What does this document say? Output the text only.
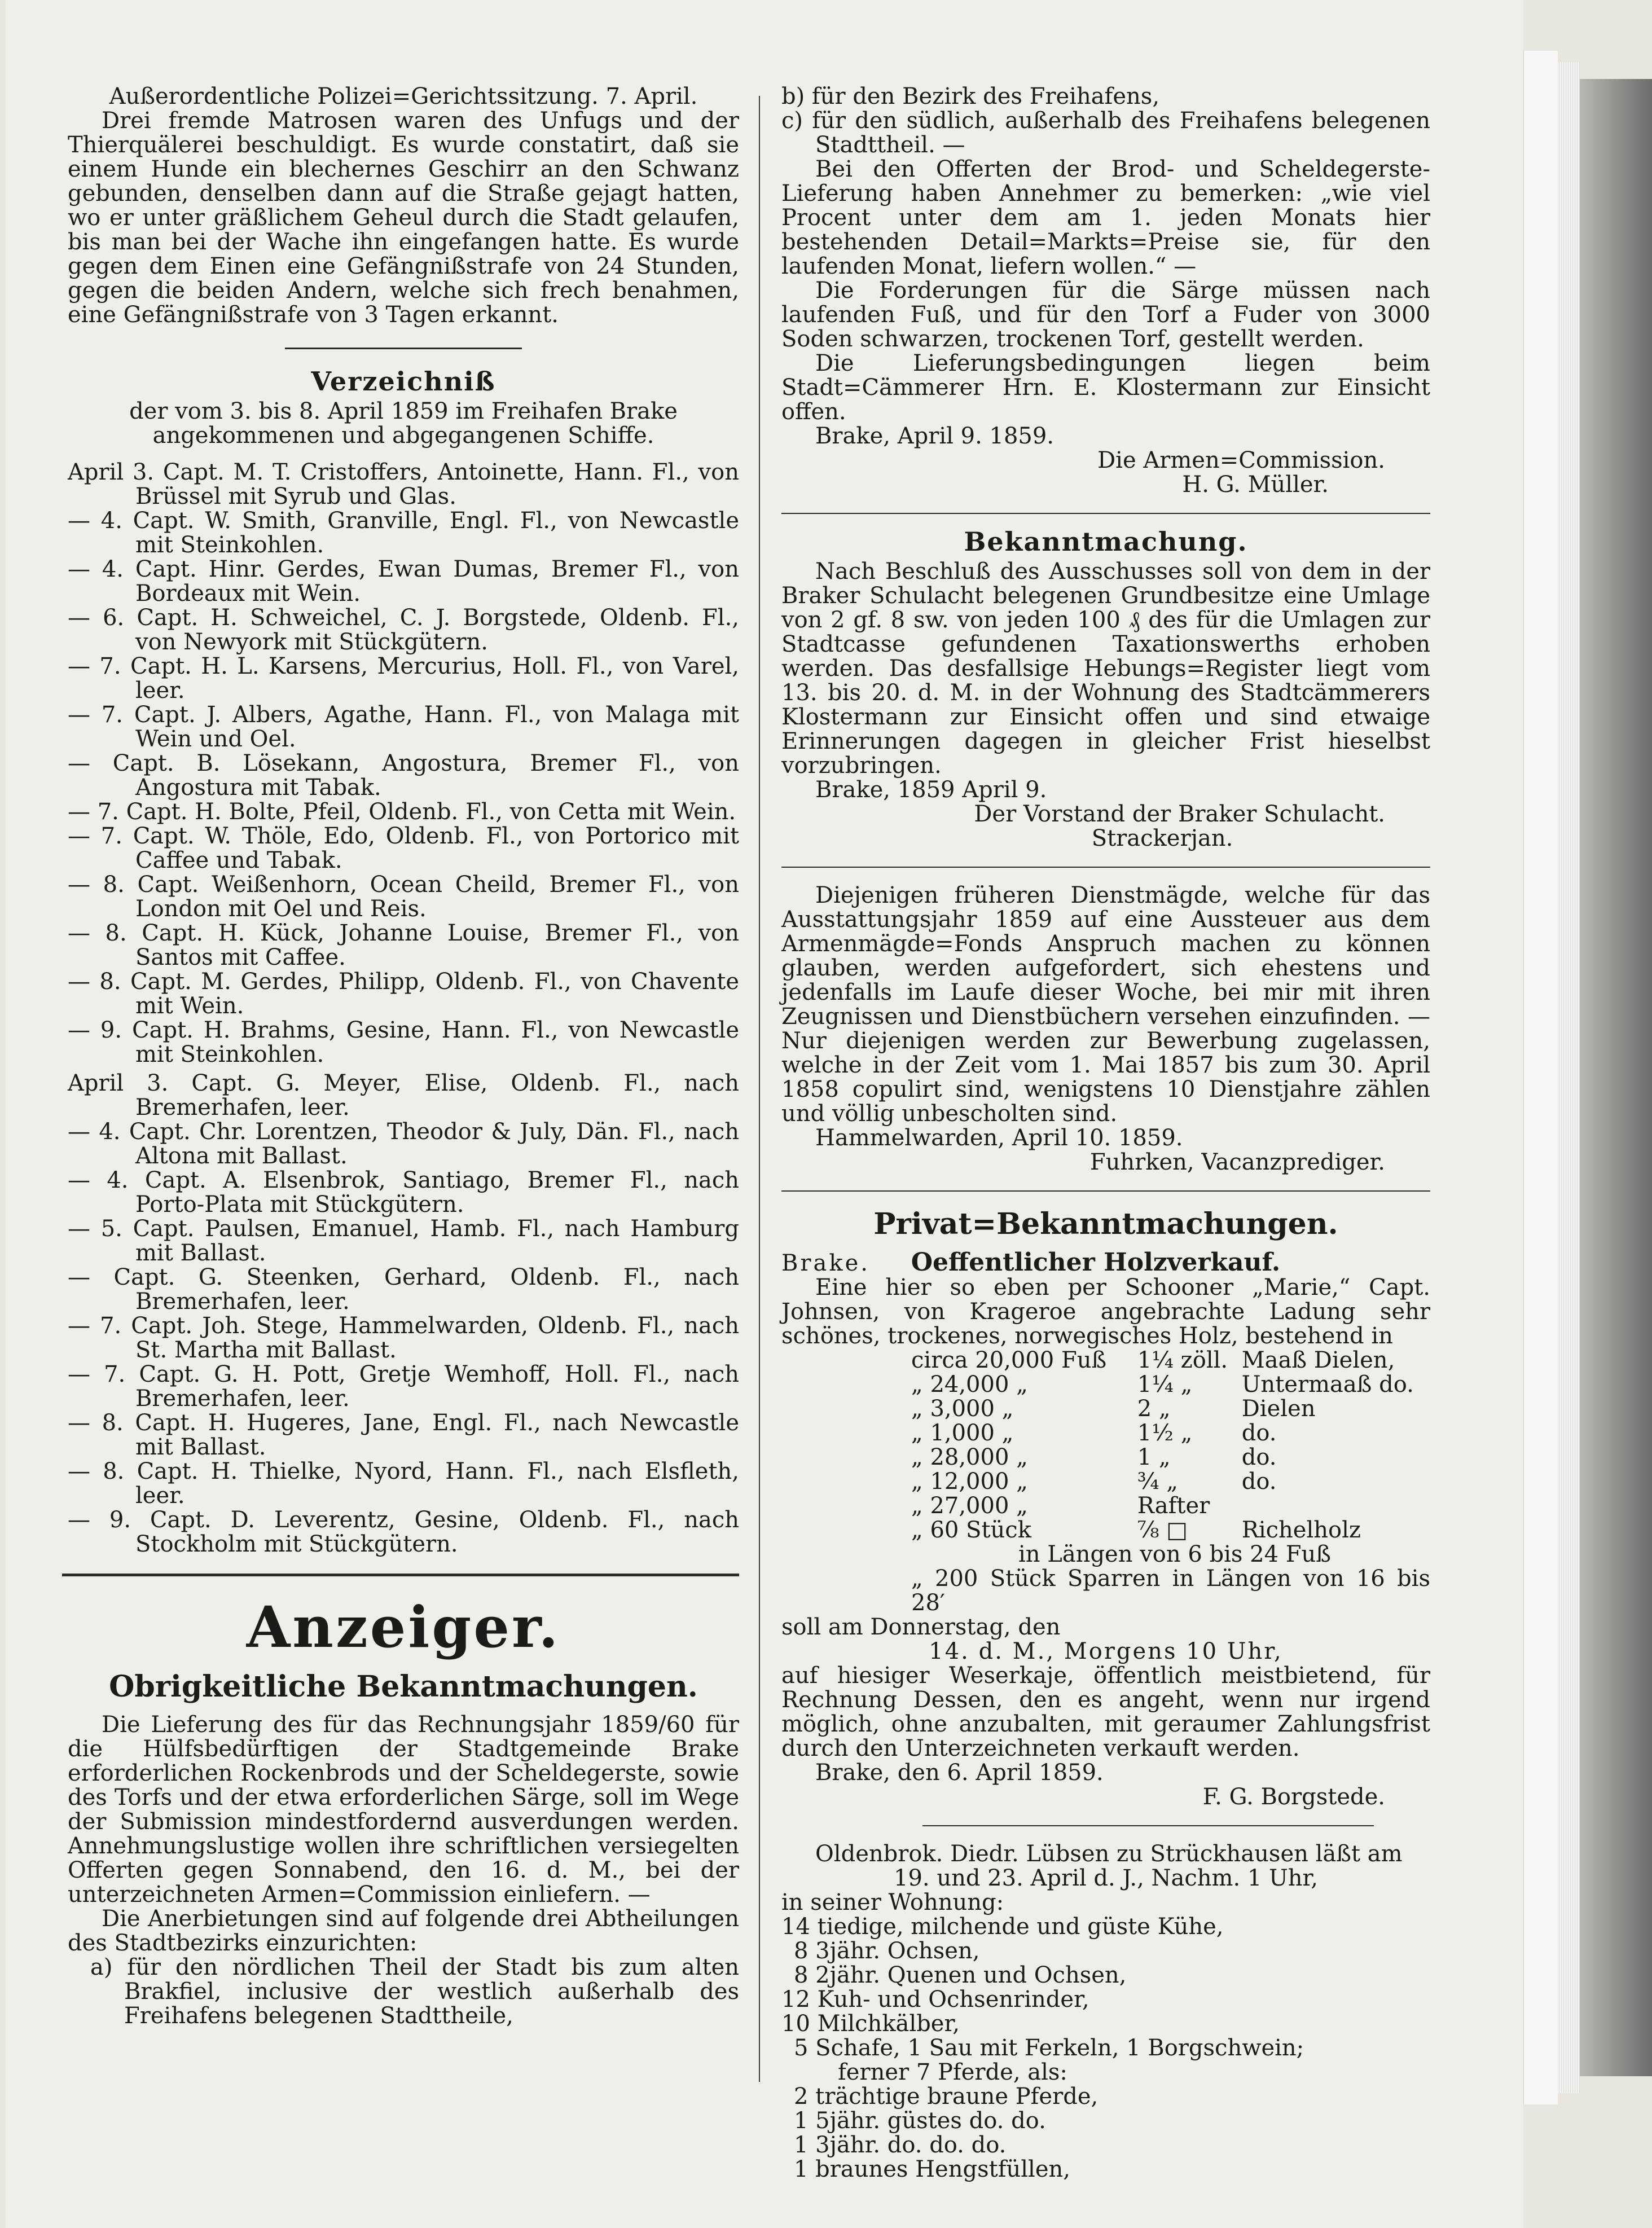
Außerordentliche Polizei=Gerichtssitzung. 7. April.

Drei fremde Matrosen waren des Unfugs und der Thierquälerei beschuldigt. Es wurde constatirt, daß sie einem Hunde ein blechernes Geschirr an den Schwanz gebunden, denselben dann auf die Straße gejagt hatten, wo er unter gräßlichem Geheul durch die Stadt gelaufen, bis man bei der Wache ihn eingefangen hatte. Es wurde gegen dem Einen eine Gefängnißstrafe von 24 Stunden, gegen die beiden Andern, welche sich frech benahmen, eine Gefängnißstrafe von 3 Tagen erkannt.

Verzeichniß

der vom 3. bis 8. April 1859 im Freihafen Brake angekommenen und abgegangenen Schiffe.

April 3. Capt. M. T. Cristoffers, Antoinette, Hann. Fl., von Brüssel mit Syrub und Glas.

— 4. Capt. W. Smith, Granville, Engl. Fl., von Newcastle mit Steinkohlen.

— 4. Capt. Hinr. Gerdes, Ewan Dumas, Bremer Fl., von Bordeaux mit Wein.

— 6. Capt. H. Schweichel, C. J. Borgstede, Oldenb. Fl., von Newyork mit Stückgütern.

— 7. Capt. H. L. Karsens, Mercurius, Holl. Fl., von Varel, leer.

— 7. Capt. J. Albers, Agathe, Hann. Fl., von Malaga mit Wein und Oel.

— Capt. B. Lösekann, Angostura, Bremer Fl., von Angostura mit Tabak.

— 7. Capt. H. Bolte, Pfeil, Oldenb. Fl., von Cetta mit Wein.

— 7. Capt. W. Thöle, Edo, Oldenb. Fl., von Portorico mit Caffee und Tabak.

— 8. Capt. Weißenhorn, Ocean Cheild, Bremer Fl., von London mit Oel und Reis.

— 8. Capt. H. Kück, Johanne Louise, Bremer Fl., von Santos mit Caffee.

— 8. Capt. M. Gerdes, Philipp, Oldenb. Fl., von Chavente mit Wein.

— 9. Capt. H. Brahms, Gesine, Hann. Fl., von Newcastle mit Steinkohlen.

April 3. Capt. G. Meyer, Elise, Oldenb. Fl., nach Bremerhafen, leer.

— 4. Capt. Chr. Lorentzen, Theodor & July, Dän. Fl., nach Altona mit Ballast.

— 4. Capt. A. Elsenbrok, Santiago, Bremer Fl., nach Porto-Plata mit Stückgütern.

— 5. Capt. Paulsen, Emanuel, Hamb. Fl., nach Hamburg mit Ballast.

— Capt. G. Steenken, Gerhard, Oldenb. Fl., nach Bremerhafen, leer.

— 7. Capt. Joh. Stege, Hammelwarden, Oldenb. Fl., nach St. Martha mit Ballast.

— 7. Capt. G. H. Pott, Gretje Wemhoff, Holl. Fl., nach Bremerhafen, leer.

— 8. Capt. H. Hugeres, Jane, Engl. Fl., nach Newcastle mit Ballast.

— 8. Capt. H. Thielke, Nyord, Hann. Fl., nach Elsfleth, leer.

— 9. Capt. D. Leverentz, Gesine, Oldenb. Fl., nach Stockholm mit Stückgütern.

Anzeiger.
Obrigkeitliche Bekanntmachungen.

Die Lieferung des für das Rechnungsjahr 1859/60 für die Hülfsbedürftigen der Stadtgemeinde Brake erforderlichen Rockenbrods und der Scheldegerste, sowie des Torfs und der etwa erforderlichen Särge, soll im Wege der Submission mindestfordernd ausverdungen werden. Annehmungslustige wollen ihre schriftlichen versiegelten Offerten gegen Sonnabend, den 16. d. M., bei der unterzeichneten Armen=Commission einliefern. —

Die Anerbietungen sind auf folgende drei Abtheilungen des Stadtbezirks einzurichten:

a) für den nördlichen Theil der Stadt bis zum alten Brakfiel, inclusive der westlich außerhalb des Freihafens belegenen Stadttheile,

b) für den Bezirk des Freihafens,

c) für den südlich, außerhalb des Freihafens belegenen Stadttheil. —

Bei den Offerten der Brod- und Scheldegerste-Lieferung haben Annehmer zu bemerken: „wie viel Procent unter dem am 1. jeden Monats hier bestehenden Detail=Markts=Preise sie, für den laufenden Monat, liefern wollen.“ —

Die Forderungen für die Särge müssen nach laufenden Fuß, und für den Torf a Fuder von 3000 Soden schwarzen, trockenen Torf, gestellt werden.

Die Lieferungsbedingungen liegen beim Stadt=Cämmerer Hrn. E. Klostermann zur Einsicht offen.

Brake, April 9. 1859.

Die Armen=Commission.

H. G. Müller.

Bekanntmachung.

Nach Beschluß des Ausschusses soll von dem in der Braker Schulacht belegenen Grundbesitze eine Umlage von 2 gf. 8 sw. von jeden 100 ₰ des für die Umlagen zur Stadtcasse gefundenen Taxationswerths erhoben werden. Das desfallsige Hebungs=Register liegt vom 13. bis 20. d. M. in der Wohnung des Stadtcämmerers Klostermann zur Einsicht offen und sind etwaige Erinnerungen dagegen in gleicher Frist hieselbst vorzubringen.

Brake, 1859 April 9.

Der Vorstand der Braker Schulacht.

Strackerjan.

Diejenigen früheren Dienstmägde, welche für das Ausstattungsjahr 1859 auf eine Aussteuer aus dem Armenmägde=Fonds Anspruch machen zu können glauben, werden aufgefordert, sich ehestens und jedenfalls im Laufe dieser Woche, bei mir mit ihren Zeugnissen und Dienstbüchern versehen einzufinden. — Nur diejenigen werden zur Bewerbung zugelassen, welche in der Zeit vom 1. Mai 1857 bis zum 30. April 1858 copulirt sind, wenigstens 10 Dienstjahre zählen und völlig unbescholten sind.

Hammelwarden, April 10. 1859.

Fuhrken, Vacanzprediger.

Privat=Bekanntmachungen.

Brake. Oeffentlicher Holzverkauf.

Eine hier so eben per Schooner „Marie,“ Capt. Johnsen, von Krageroe angebrachte Ladung sehr schönes, trockenes, norwegisches Holz, bestehend in

circa 20,000 Fuß	1¼ zöll.	Maaß Dielen,
„ 24,000 „	1¼ „	Untermaaß do.
„ 3,000 „	2 „	Dielen
„ 1,000 „	1½ „	do.
„ 28,000 „	1 „	do.
„ 12,000 „	¾ „	do.
„ 27,000 „	Rafter	
„ 60 Stück	⅞ □	Richelholz

in Längen von 6 bis 24 Fuß

„ 200 Stück Sparren in Längen von 16 bis 28′

soll am Donnerstag, den

14. d. M., Morgens 10 Uhr,

auf hiesiger Weserkaje, öffentlich meistbietend, für Rechnung Dessen, den es angeht, wenn nur irgend möglich, ohne anzubalten, mit geraumer Zahlungsfrist durch den Unterzeichneten verkauft werden.

Brake, den 6. April 1859.

F. G. Borgstede.

Oldenbrok. Diedr. Lübsen zu Strückhausen läßt am

19. und 23. April d. J., Nachm. 1 Uhr,

in seiner Wohnung:

14 tiedige, milchende und güste Kühe,

8 3jähr. Ochsen,

8 2jähr. Quenen und Ochsen,

12 Kuh- und Ochsenrinder,

10 Milchkälber,

5 Schafe, 1 Sau mit Ferkeln, 1 Borgschwein;

ferner 7 Pferde, als:

2 trächtige braune Pferde,

1 5jähr. güstes do. do.

1 3jähr. do. do. do.

1 braunes Hengstfüllen,
